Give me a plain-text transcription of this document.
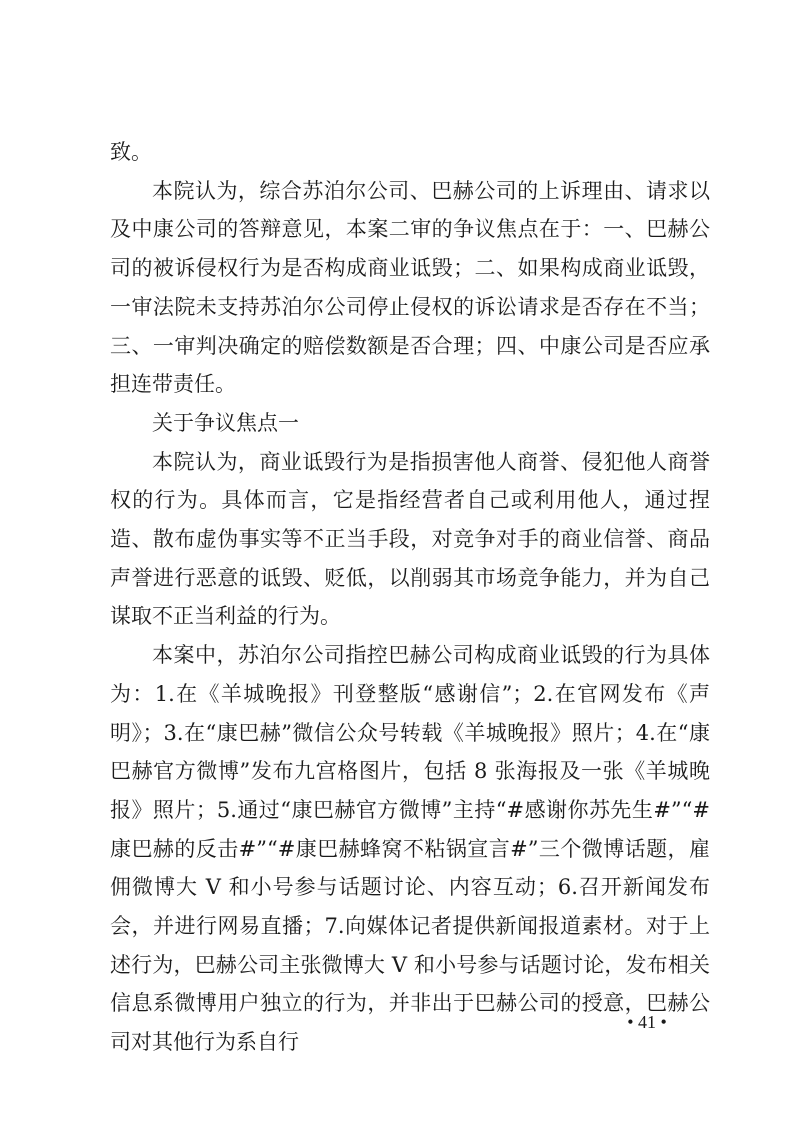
致。

本院认为，综合苏泊尔公司、巴赫公司的上诉理由、请求以及中康公司的答辩意见，本案二审的争议焦点在于：一、巴赫公司的被诉侵权行为是否构成商业诋毁；二、如果构成商业诋毁，一审法院未支持苏泊尔公司停止侵权的诉讼请求是否存在不当；三、一审判决确定的赔偿数额是否合理；四、中康公司是否应承担连带责任。

关于争议焦点一

本院认为，商业诋毁行为是指损害他人商誉、侵犯他人商誉权的行为。具体而言，它是指经营者自己或利用他人，通过捏造、散布虚伪事实等不正当手段，对竞争对手的商业信誉、商品声誉进行恶意的诋毁、贬低，以削弱其市场竞争能力，并为自己谋取不正当利益的行为。

本案中，苏泊尔公司指控巴赫公司构成商业诋毁的行为具体为：1.在《羊城晚报》刊登整版“感谢信”；2.在官网发布《声明》；3.在“康巴赫”微信公众号转载《羊城晚报》照片；4.在“康巴赫官方微博”发布九宫格图片，包括 8 张海报及一张《羊城晚报》照片；5.通过“康巴赫官方微博”主持“#感谢你苏先生#”“#康巴赫的反击#”“#康巴赫蜂窝不粘锅宣言#”三个微博话题，雇佣微博大 V 和小号参与话题讨论、内容互动；6.召开新闻发布会，并进行网易直播；7.向媒体记者提供新闻报道素材。对于上述行为，巴赫公司主张微博大 V 和小号参与话题讨论，发布相关信息系微博用户独立的行为，并非出于巴赫公司的授意，巴赫公司对其他行为系自行

• 41 •
